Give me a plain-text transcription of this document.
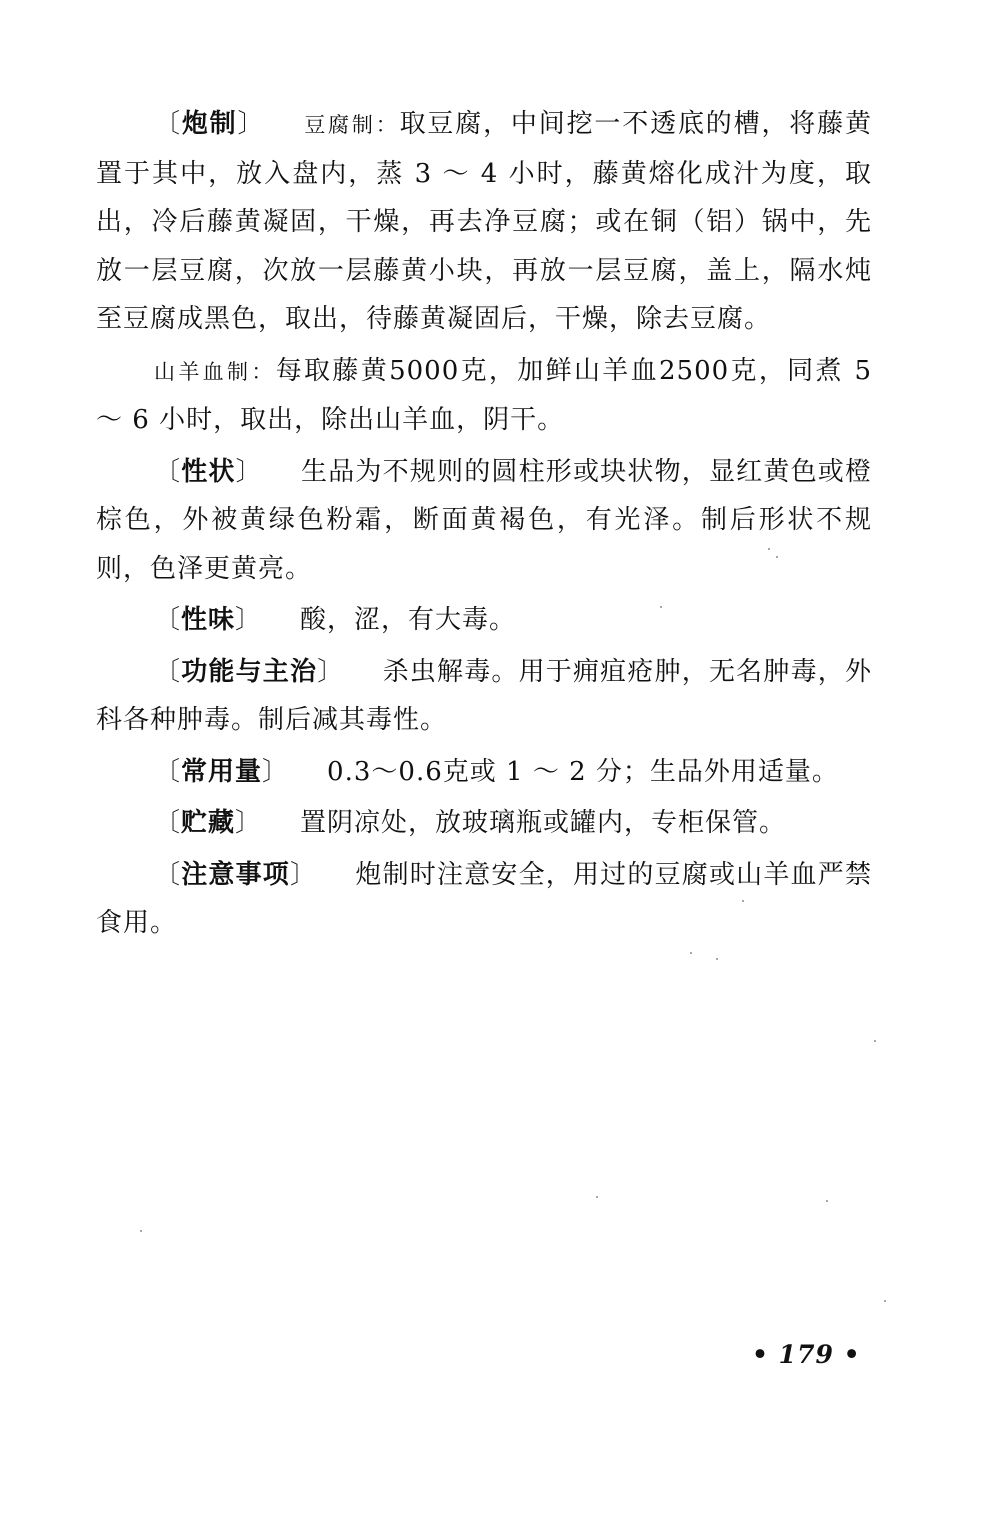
〔炮制〕 豆腐制：取豆腐，中间挖一不透底的槽，将藤黄置于其中，放入盘内，蒸 3 ～ 4 小时，藤黄熔化成汁为度，取出，冷后藤黄凝固，干燥，再去净豆腐；或在铜（铝）锅中，先放一层豆腐，次放一层藤黄小块，再放一层豆腐，盖上，隔水炖至豆腐成黑色，取出，待藤黄凝固后，干燥，除去豆腐。

山羊血制：每取藤黄5000克，加鲜山羊血2500克，同煮 5 ～ 6 小时，取出，除出山羊血，阴干。

〔性状〕 生品为不规则的圆柱形或块状物，显红黄色或橙棕色，外被黄绿色粉霜，断面黄褐色，有光泽。制后形状不规则，色泽更黄亮。

〔性味〕 酸，涩，有大毒。

〔功能与主治〕 杀虫解毒。用于痈疽疮肿，无名肿毒，外科各种肿毒。制后减其毒性。

〔常用量〕 0.3～0.6克或 1 ～ 2 分；生品外用适量。

〔贮藏〕 置阴凉处，放玻璃瓶或罐内，专柜保管。

〔注意事项〕 炮制时注意安全，用过的豆腐或山羊血严禁食用。

• 179 •
